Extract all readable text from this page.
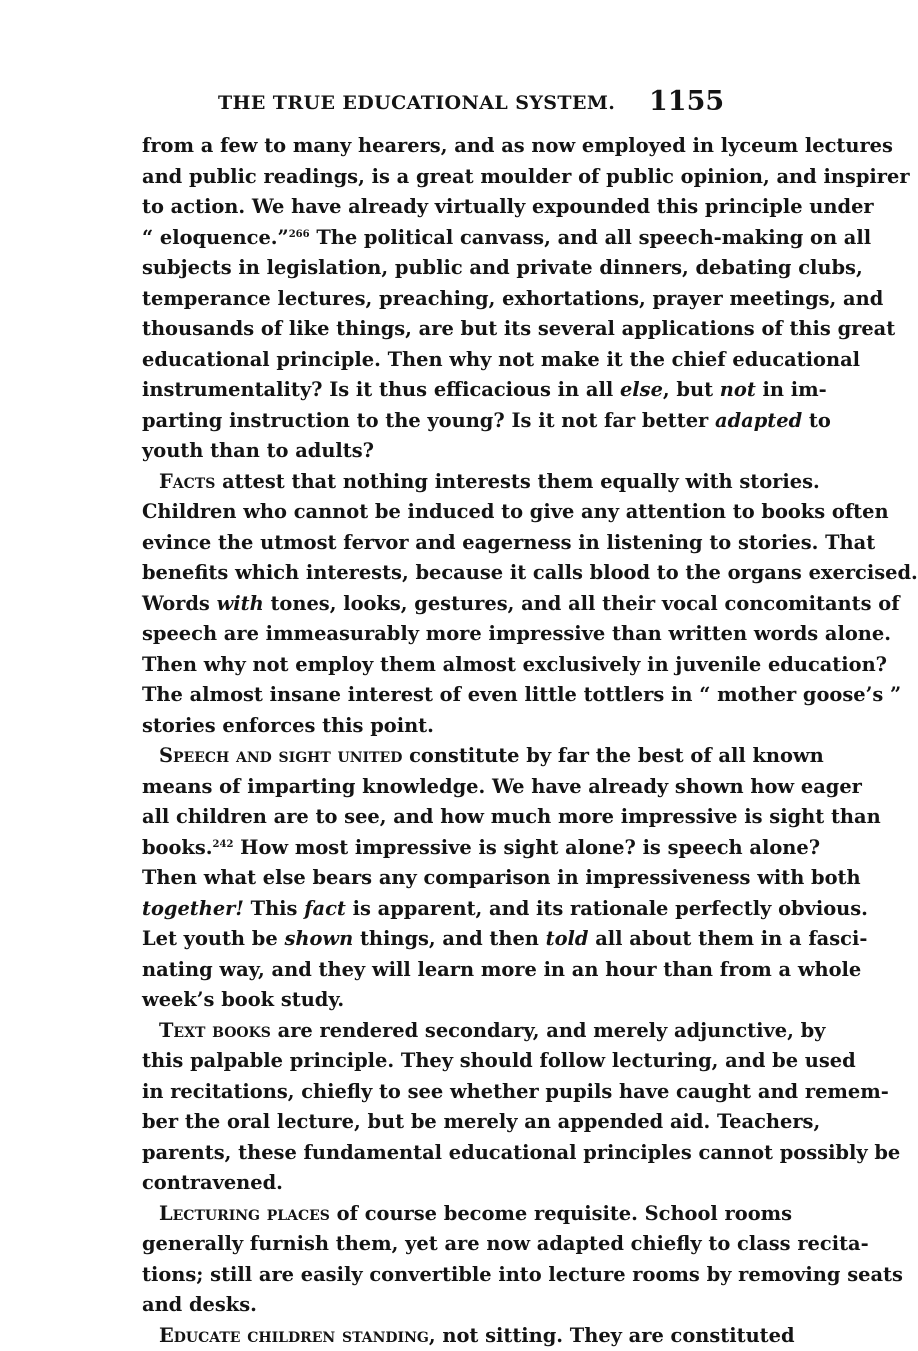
THE TRUE EDUCATIONAL SYSTEM. 1155
from a few to many hearers, and as now employed in lyceum lectures
and public readings, is a great moulder of public opinion, and inspirer
to action. We have already virtually expounded this principle under
“ eloquence.”$^{266}$ The political canvass, and all speech-making on all
subjects in legislation, public and private dinners, debating clubs,
temperance lectures, preaching, exhortations, prayer meetings, and
thousands of like things, are but its several applications of this great
educational principle. Then why not make it the chief educational
instrumentality? Is it thus efficacious in all else, but not in im-
parting instruction to the young? Is it not far better adapted to
youth than to adults?
Facts attest that nothing interests them equally with stories.
Children who cannot be induced to give any attention to books often
evince the utmost fervor and eagerness in listening to stories. That
benefits which interests, because it calls blood to the organs exercised.
Words with tones, looks, gestures, and all their vocal concomitants of
speech are immeasurably more impressive than written words alone.
Then why not employ them almost exclusively in juvenile education?
The almost insane interest of even little tottlers in “ mother goose’s ”
stories enforces this point.
Speech and sight united constitute by far the best of all known
means of imparting knowledge. We have already shown how eager
all children are to see, and how much more impressive is sight than
books.$^{242}$ How most impressive is sight alone? is speech alone?
Then what else bears any comparison in impressiveness with both
together! This fact is apparent, and its rationale perfectly obvious.
Let youth be shown things, and then told all about them in a fasci-
nating way, and they will learn more in an hour than from a whole
week’s book study.
Text books are rendered secondary, and merely adjunctive, by
this palpable principle. They should follow lecturing, and be used
in recitations, chiefly to see whether pupils have caught and remem-
ber the oral lecture, but be merely an appended aid. Teachers,
parents, these fundamental educational principles cannot possibly be
contravened.
Lecturing places of course become requisite. School rooms
generally furnish them, yet are now adapted chiefly to class recita-
tions; still are easily convertible into lecture rooms by removing seats
and desks.
Educate children standing, not sitting. They are constituted
